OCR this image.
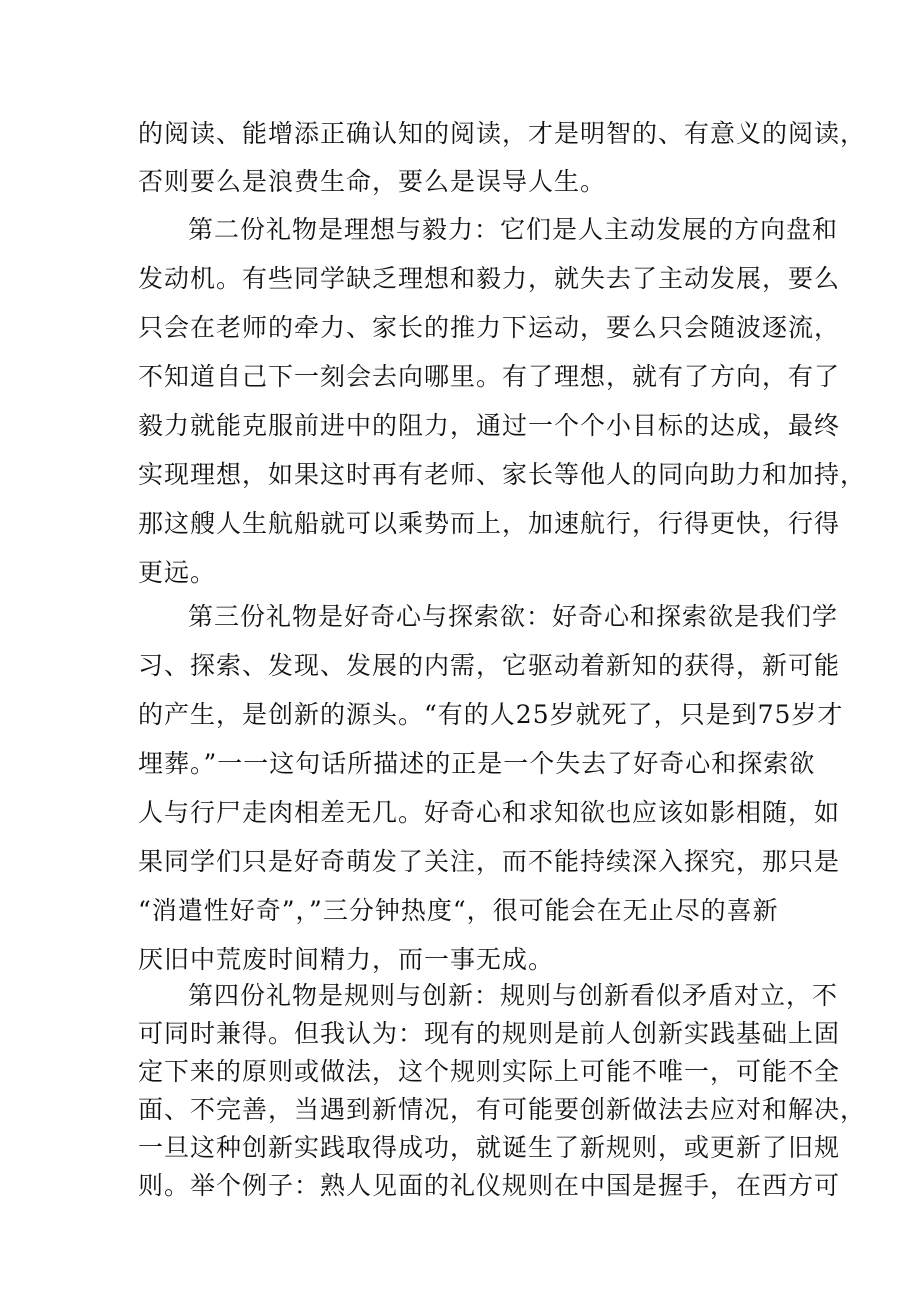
的阅读、能增添正确认知的阅读，才是明智的、有意义的阅读，
否则要么是浪费生命，要么是误导人生。
第二份礼物是理想与毅力：它们是人主动发展的方向盘和
发动机。有些同学缺乏理想和毅力，就失去了主动发展，要么
只会在老师的牵力、家长的推力下运动，要么只会随波逐流，
不知道自己下一刻会去向哪里。有了理想，就有了方向，有了
毅力就能克服前进中的阻力，通过一个个小目标的达成，最终
实现理想，如果这时再有老师、家长等他人的同向助力和加持，
那这艘人生航船就可以乘势而上，加速航行，行得更快，行得
更远。
第三份礼物是好奇心与探索欲：好奇心和探索欲是我们学
习、探索、发现、发展的内需，它驱动着新知的获得，新可能
的产生，是创新的源头。“有的人25岁就死了，只是到75岁才
埋葬。”一一这句话所描述的正是一个失去了好奇心和探索欲
人与行尸走肉相差无几。好奇心和求知欲也应该如影相随，如
果同学们只是好奇萌发了关注，而不能持续深入探究，那只是
“消遣性好奇”，”三分钟热度“，很可能会在无止尽的喜新
厌旧中荒废时间精力，而一事无成。
第四份礼物是规则与创新：规则与创新看似矛盾对立，不
可同时兼得。但我认为：现有的规则是前人创新实践基础上固
定下来的原则或做法，这个规则实际上可能不唯一，可能不全
面、不完善，当遇到新情况，有可能要创新做法去应对和解决，
一旦这种创新实践取得成功，就诞生了新规则，或更新了旧规
则。举个例子：熟人见面的礼仪规则在中国是握手，在西方可
